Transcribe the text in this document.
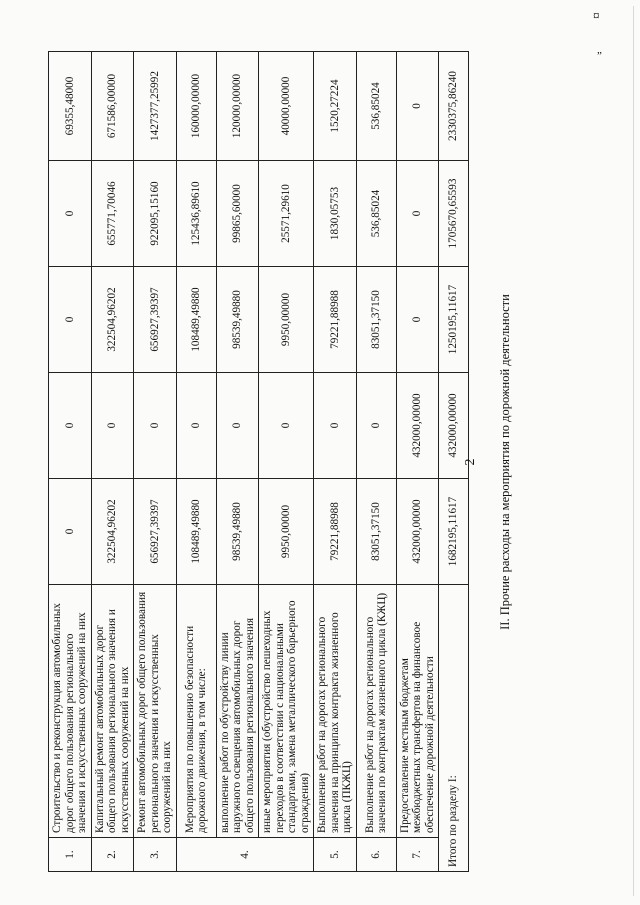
¤
„
1.	Строительство и реконструкция автомобильных дорог общего пользования регионального значения и искусственных сооружений на них	0	0	0	0	69355,48000
2.	Капитальный ремонт автомобильных дорог общего пользования регионального значения и искусственных сооружений на них	322504,96202	0	322504,96202	655771,70046	671586,00000
3.	Ремонт автомобильных дорог общего пользования регионального значения и искусственных сооружений на них	656927,39397	0	656927,39397	922095,15160	1427377,25992
4.	Мероприятия по повышению безопасности дорожного движения, в том числе:	108489,49880	0	108489,49880	125436,89610	160000,00000
	выполнение работ по обустройству линии наружного освещения автомобильных дорог общего пользования регионального значения	98539,49880	0	98539,49880	99865,60000	120000,00000
	иные мероприятия (обустройство пешеходных переходов в соответствии с национальными стандартами, замена металлического барьерного ограждения)	9950,00000	0	9950,00000	25571,29610	40000,00000
5.	Выполнение работ на дорогах регионального значения на принципах контракта жизненного цикла (ПКЖЦ)	79221,88988	0	79221,88988	1830,05753	1520,27224
6.	Выполнение работ на дорогах регионального значения по контрактам жизненного цикла (КЖЦ)	83051,37150	0	83051,37150	536,85024	536,85024
7.	Предоставление местным бюджетам межбюджетных трансфертов на финансовое обеспечение дорожной деятельности	432000,00000	432000,00000	0	0	0
Итого по разделу I:		1682195,11617	432000,00000	1250195,11617	1705670,65593	2330375,86240
2 II. Прочие расходы на мероприятия по дорожной деятельности
